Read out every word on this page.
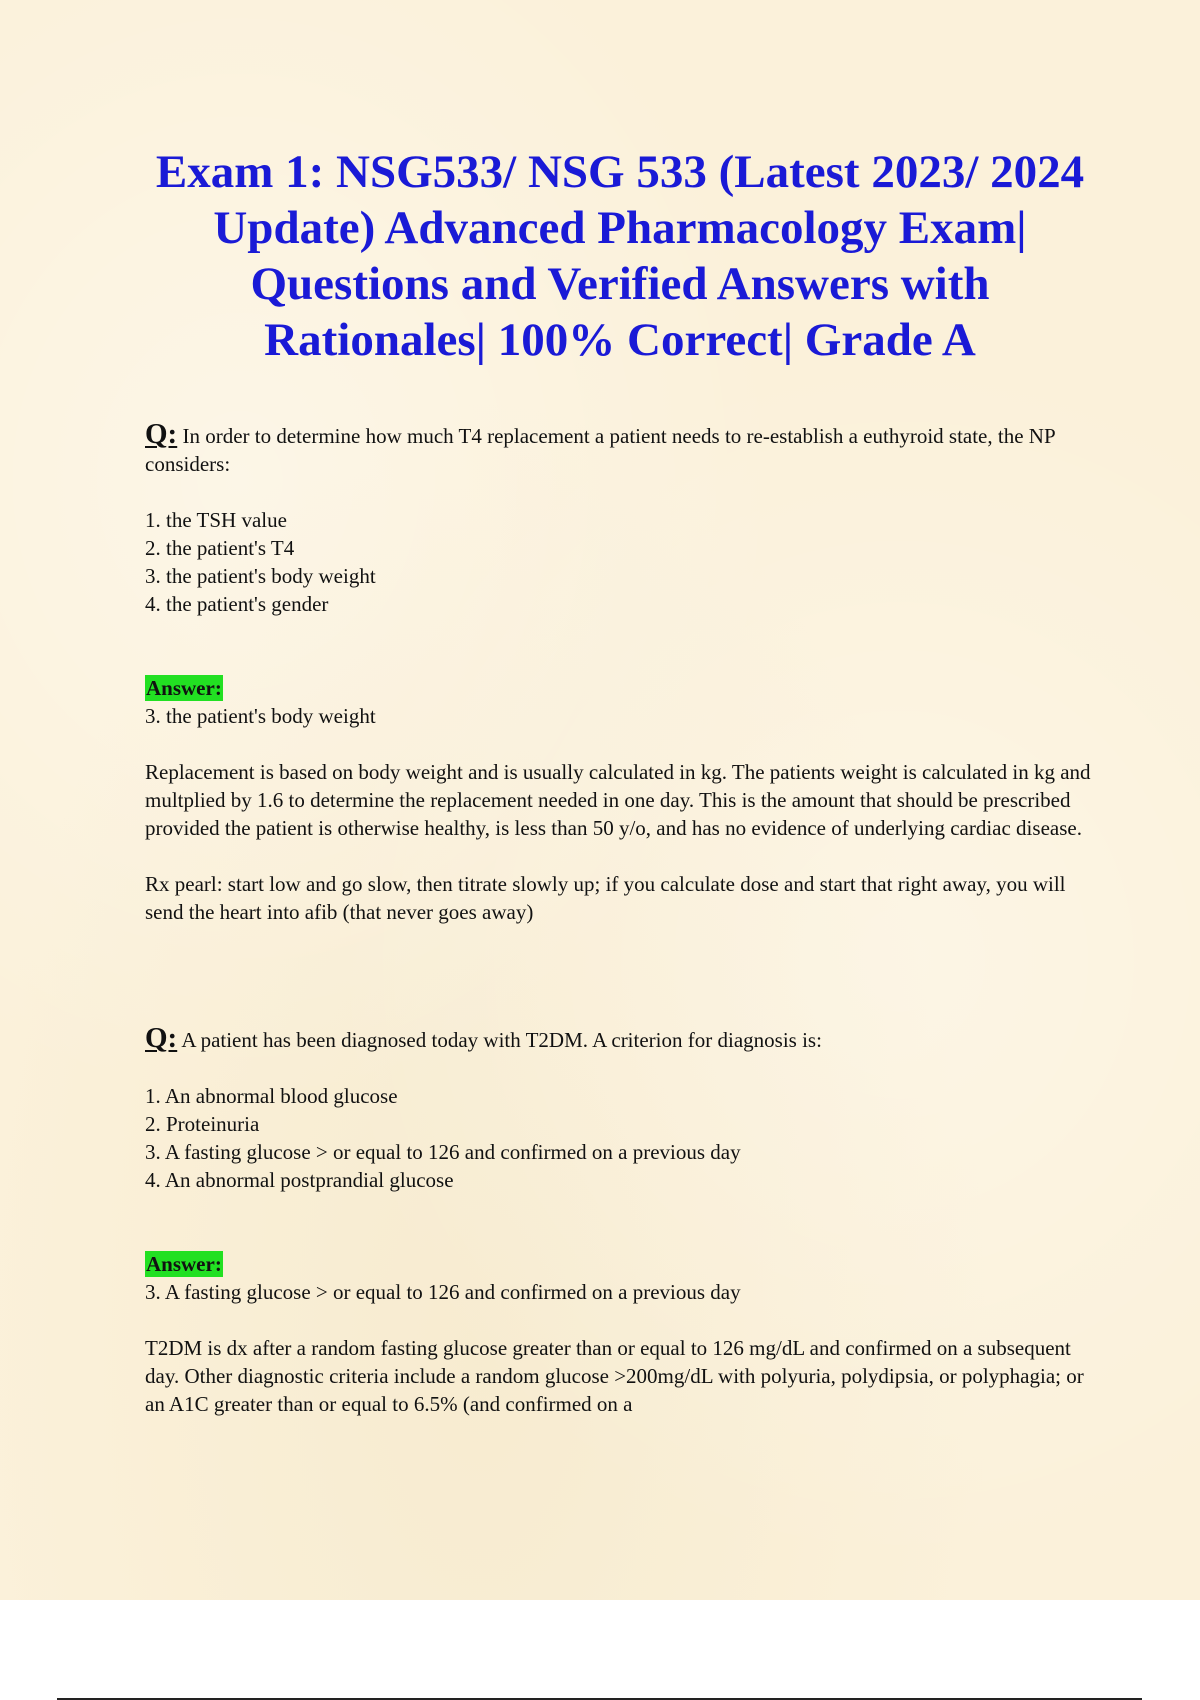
Exam 1: NSG533/ NSG 533 (Latest 2023/ 2024 Update) Advanced Pharmacology Exam| Questions and Verified Answers with Rationales| 100% Correct| Grade A

Q: In order to determine how much T4 replacement a patient needs to re-establish a euthyroid state, the NP considers:

1. the TSH value
2. the patient's T4
3. the patient's body weight
4. the patient's gender

Answer:

3. the patient's body weight

Replacement is based on body weight and is usually calculated in kg. The patients weight is calculated in kg and multplied by 1.6 to determine the replacement needed in one day. This is the amount that should be prescribed provided the patient is otherwise healthy, is less than 50 y/o, and has no evidence of underlying cardiac disease.

Rx pearl: start low and go slow, then titrate slowly up; if you calculate dose and start that right away, you will send the heart into afib (that never goes away)

Q: A patient has been diagnosed today with T2DM. A criterion for diagnosis is:

1. An abnormal blood glucose
2. Proteinuria
3. A fasting glucose > or equal to 126 and confirmed on a previous day
4. An abnormal postprandial glucose

Answer:

3. A fasting glucose > or equal to 126 and confirmed on a previous day

T2DM is dx after a random fasting glucose greater than or equal to 126 mg/dL and confirmed on a subsequent day. Other diagnostic criteria include a random glucose >200mg/dL with polyuria, polydipsia, or polyphagia; or an A1C greater than or equal to 6.5% (and confirmed on a
